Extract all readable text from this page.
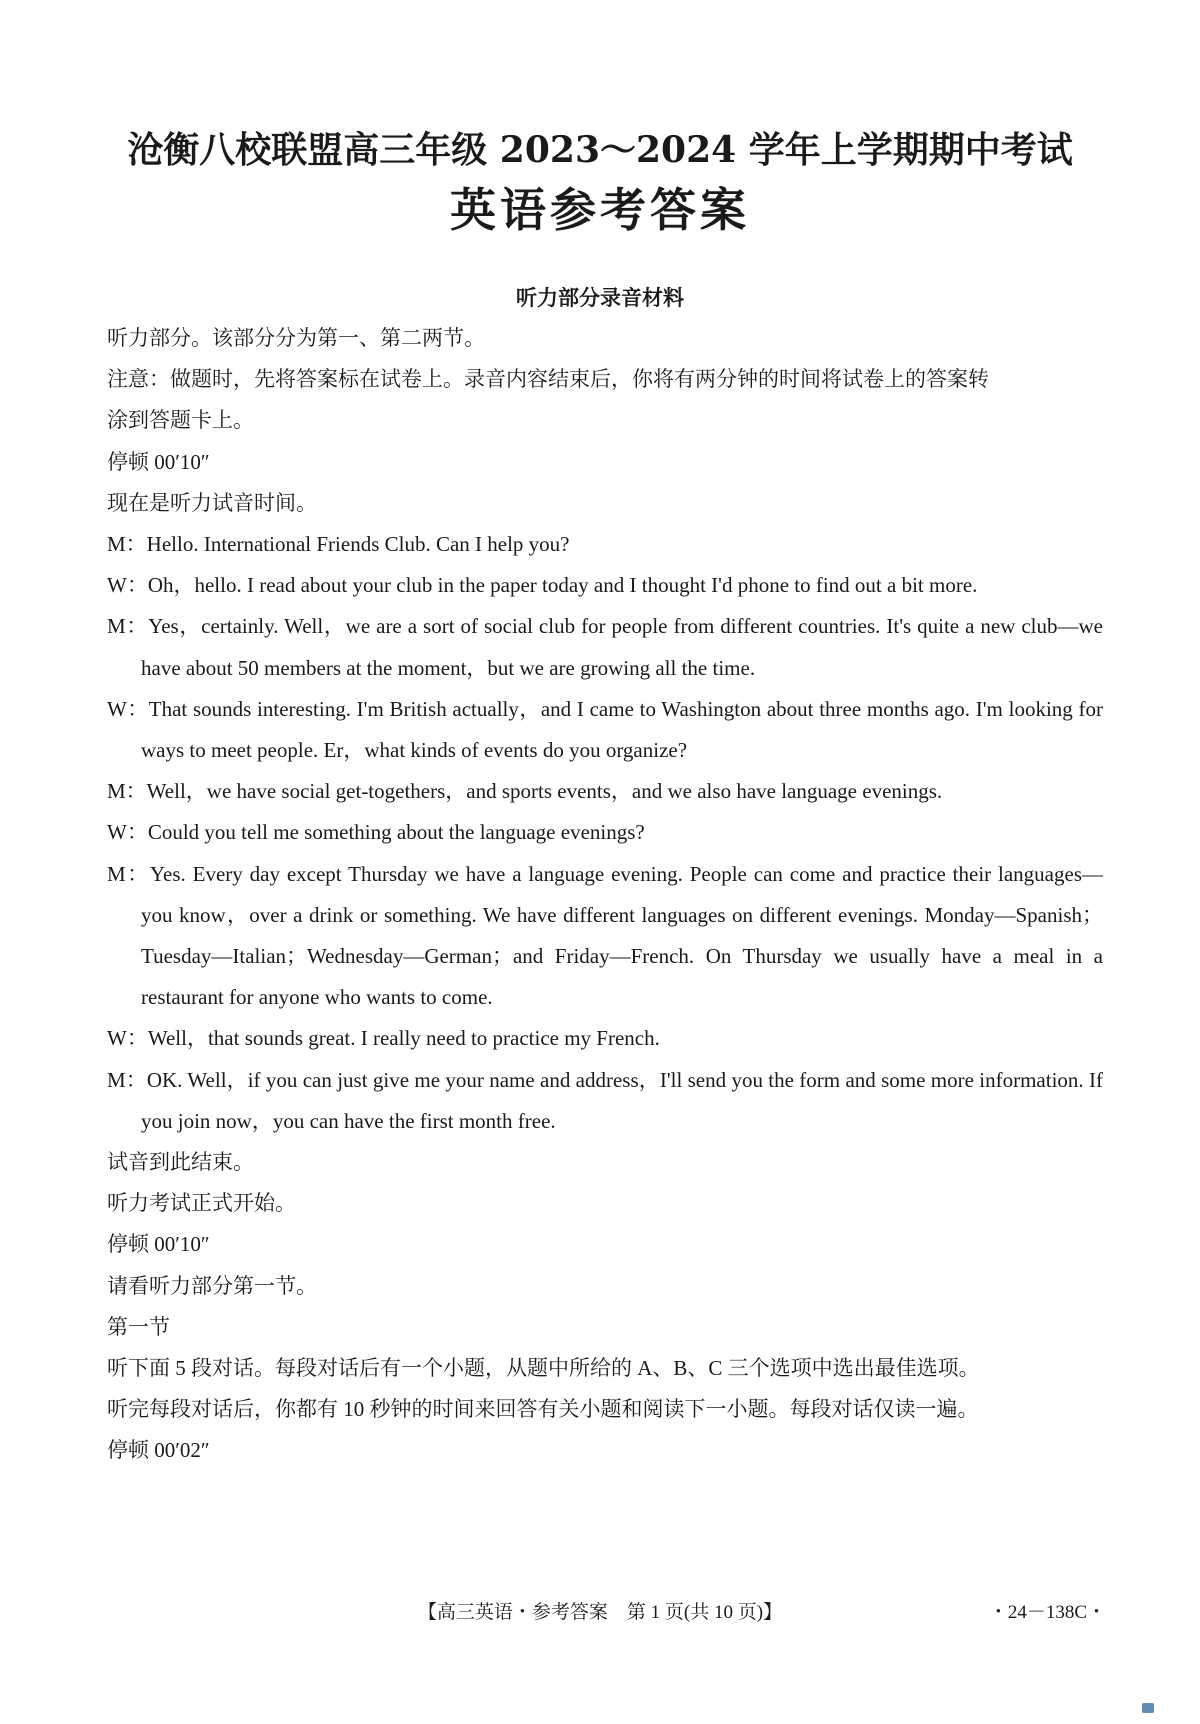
沧衡八校联盟高三年级 2023～2024 学年上学期期中考试
英语参考答案
听力部分录音材料
听力部分。该部分分为第一、第二两节。
注意：做题时，先将答案标在试卷上。录音内容结束后，你将有两分钟的时间将试卷上的答案转
涂到答题卡上。
停顿 00′10″
现在是听力试音时间。
M：Hello. International Friends Club. Can I help you?
W：Oh，hello. I read about your club in the paper today and I thought I'd phone to find out a bit more.
M：Yes，certainly. Well，we are a sort of social club for people from different countries. It's quite a new club—we have about 50 members at the moment，but we are growing all the time.
W：That sounds interesting. I'm British actually，and I came to Washington about three months ago. I'm looking for ways to meet people. Er，what kinds of events do you organize?
M：Well，we have social get-togethers，and sports events，and we also have language evenings.
W：Could you tell me something about the language evenings?
M：Yes. Every day except Thursday we have a language evening. People can come and practice their languages—you know，over a drink or something. We have different languages on different evenings. Monday—Spanish；Tuesday—Italian；Wednesday—German；and Friday—French. On Thursday we usually have a meal in a restaurant for anyone who wants to come.
W：Well，that sounds great. I really need to practice my French.
M：OK. Well，if you can just give me your name and address，I'll send you the form and some more information. If you join now，you can have the first month free.
试音到此结束。
听力考试正式开始。
停顿 00′10″
请看听力部分第一节。
第一节
听下面 5 段对话。每段对话后有一个小题，从题中所给的 A、B、C 三个选项中选出最佳选项。
听完每段对话后，你都有 10 秒钟的时间来回答有关小题和阅读下一小题。每段对话仅读一遍。
停顿 00′02″
【高三英语・参考答案　第 1 页(共 10 页)】	・24－138C・
